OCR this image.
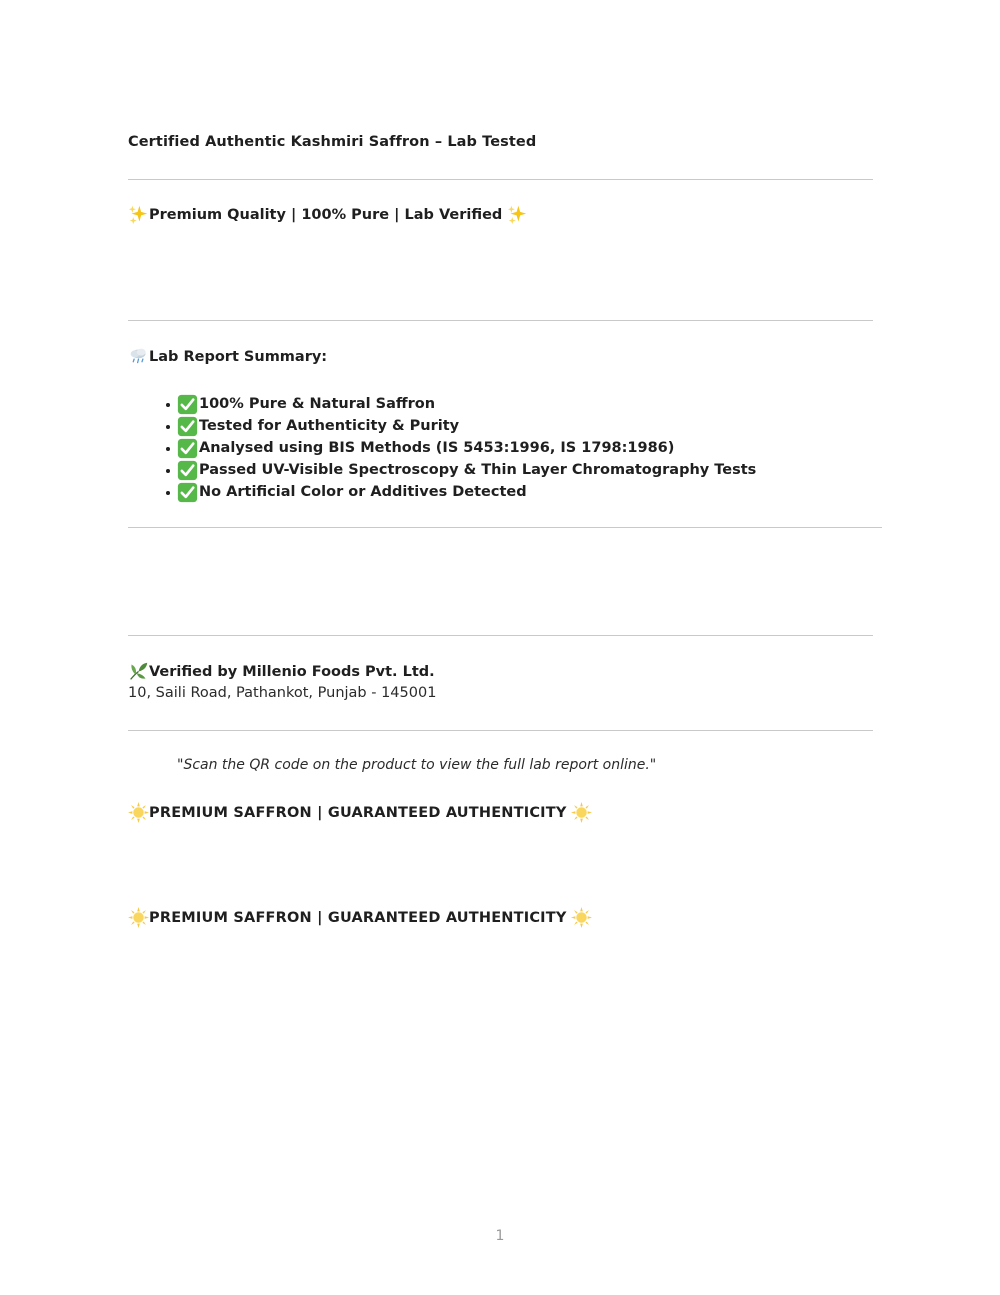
Certified Authentic Kashmiri Saffron – Lab Tested
Premium Quality | 100% Pure | Lab Verified
Lab Report Summary:
100% Pure & Natural Saffron
Tested for Authenticity & Purity
Analysed using BIS Methods (IS 5453:1996, IS 1798:1986)
Passed UV-Visible Spectroscopy & Thin Layer Chromatography Tests
No Artificial Color or Additives Detected
Verified by Millenio Foods Pvt. Ltd.
10, Saili Road, Pathankot, Punjab - 145001
"Scan the QR code on the product to view the full lab report online."
PREMIUM SAFFRON | GUARANTEED AUTHENTICITY
PREMIUM SAFFRON | GUARANTEED AUTHENTICITY
1
